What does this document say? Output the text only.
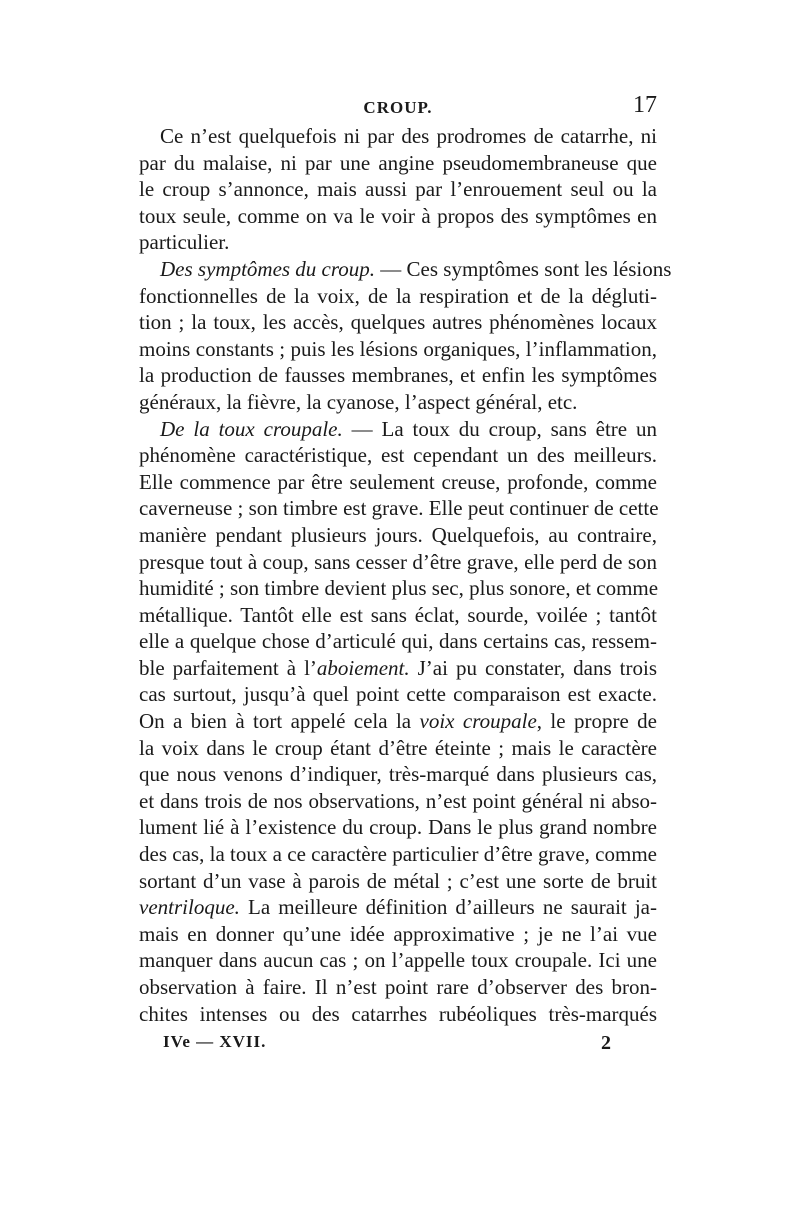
CROUP.	17
Ce n’est quelquefois ni par des prodromes de catarrhe, ni
par du malaise, ni par une angine pseudomembraneuse que
le croup s’annonce, mais aussi par l’enrouement seul ou la
toux seule, comme on va le voir à propos des symptômes en
particulier.
Des symptômes du croup. — Ces symptômes sont les lésions
fonctionnelles de la voix, de la respiration et de la dégluti-
tion ; la toux, les accès, quelques autres phénomènes locaux
moins constants ; puis les lésions organiques, l’inflammation,
la production de fausses membranes, et enfin les symptômes
généraux, la fièvre, la cyanose, l’aspect général, etc.
De la toux croupale. — La toux du croup, sans être un
phénomène caractéristique, est cependant un des meilleurs.
Elle commence par être seulement creuse, profonde, comme
caverneuse ; son timbre est grave. Elle peut continuer de cette
manière pendant plusieurs jours. Quelquefois, au contraire,
presque tout à coup, sans cesser d’être grave, elle perd de son
humidité ; son timbre devient plus sec, plus sonore, et comme
métallique. Tantôt elle est sans éclat, sourde, voilée ; tantôt
elle a quelque chose d’articulé qui, dans certains cas, ressem-
ble parfaitement à l’aboiement. J’ai pu constater, dans trois
cas surtout, jusqu’à quel point cette comparaison est exacte.
On a bien à tort appelé cela la voix croupale, le propre de
la voix dans le croup étant d’être éteinte ; mais le caractère
que nous venons d’indiquer, très-marqué dans plusieurs cas,
et dans trois de nos observations, n’est point général ni abso-
lument lié à l’existence du croup. Dans le plus grand nombre
des cas, la toux a ce caractère particulier d’être grave, comme
sortant d’un vase à parois de métal ; c’est une sorte de bruit
ventriloque. La meilleure définition d’ailleurs ne saurait ja-
mais en donner qu’une idée approximative ; je ne l’ai vue
manquer dans aucun cas ; on l’appelle toux croupale. Ici une
observation à faire. Il n’est point rare d’observer des bron-
chites intenses ou des catarrhes rubéoliques très-marqués
IVe — XVII.	2
